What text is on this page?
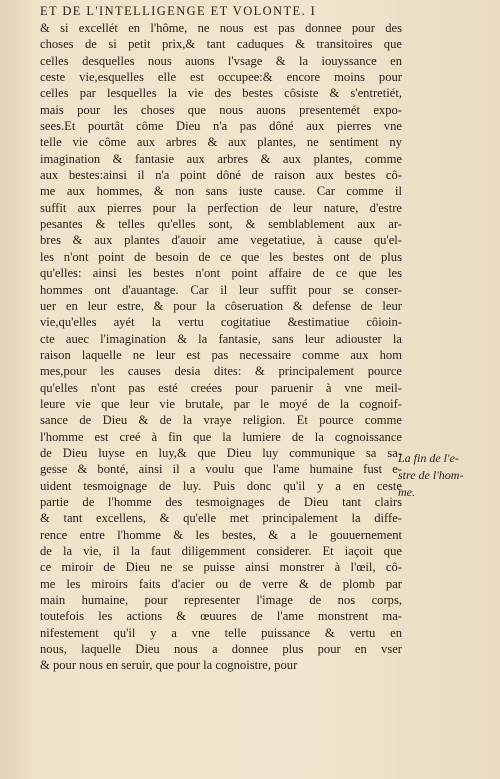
ET DE L'INTELLIGENGE ET VOLONTE. I
& si excellét en l'hôme, ne nous est pas donnee pour des
choses de si petit prix,& tant caduques & transitoires que
celles desquelles nous auons l'vsage & la iouyssance en
ceste vie,esquelles elle est occupee:& encore moins pour
celles par lesquelles la vie des bestes côsiste & s'entretiét,
mais pour les choses que nous auons presentemét expo-
sees.Et pourtât côme Dieu n'a pas dôné aux pierres vne
telle vie côme aux arbres & aux plantes, ne sentiment ny
imagination & fantasie aux arbres & aux plantes, comme
aux bestes:ainsi il n'a point dôné de raison aux bestes cô-
me aux hommes, & non sans iuste cause. Car comme il
suffit aux pierres pour la perfection de leur nature, d'estre
pesantes & telles qu'elles sont, & semblablement aux ar-
bres & aux plantes d'auoir ame vegetatiue, à cause qu'el-
les n'ont point de besoin de ce que les bestes ont de plus
qu'elles: ainsi les bestes n'ont point affaire de ce que les
hommes ont d'auantage. Car il leur suffit pour se conser-
uer en leur estre, & pour la côseruation & defense de leur
vie,qu'elles ayét la vertu cogitatiue &estimatiue côioin-
cte auec l'imagination & la fantasie, sans leur adiouster la
raison laquelle ne leur est pas necessaire comme aux hom
mes,pour les causes desia dites: & principalement pource
qu'elles n'ont pas esté creées pour paruenir à vne meil-
leure vie que leur vie brutale, par le moyé de la cognoif-
sance de Dieu & de la vraye religion. Et pource comme
l'homme est creé à fin que la lumiere de la cognoissance
de Dieu luyse en luy,& que Dieu luy communique sa sa-
gesse & bonté, ainsi il a voulu que l'ame humaine fust e-
uident tesmoignage de luy. Puis donc qu'il y a en ceste
partie de l'homme des tesmoignages de Dieu tant clairs
& tant excellens, & qu'elle met principalement la diffe-
rence entre l'homme & les bestes, & a le gouuernement
de la vie, il la faut diligemment considerer. Et iaçoit que
ce miroir de Dieu ne se puisse ainsi monstrer à l'œil, cô-
me les miroirs faits d'acier ou de verre & de plomb par
main humaine, pour representer l'image de nos corps,
toutefois les actions & œuures de l'ame monstrent ma-
nifestement qu'il y a vne telle puissance & vertu en
nous, laquelle Dieu nous a donnee plus pour en vser
& pour nous en seruir, que pour la cognoistre, pour
La fin de l'e-
stre de l'hom-
me.
